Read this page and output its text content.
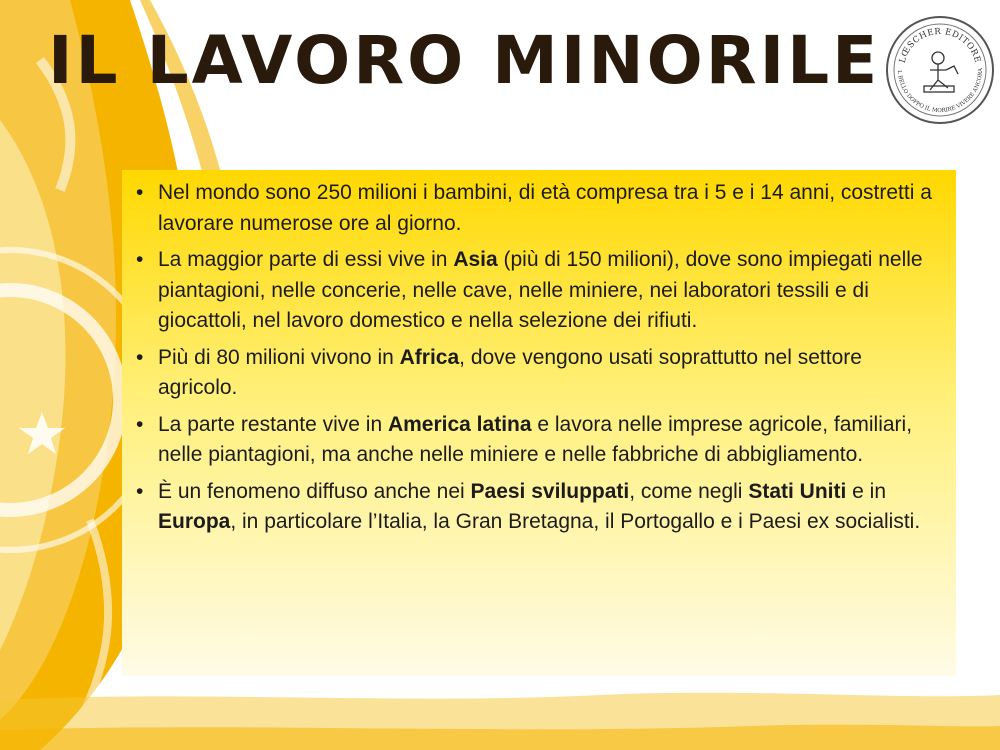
IL LAVORO MINORILE LŒSCHER EDITORE
L BELLO DOPPO IL MORIRE VIVERE ANCORA
• Nel mondo sono 250 milioni i bambini, di età compresa tra i 5 e i 14 anni, costretti a lavorare numerose ore al giorno.
• La maggior parte di essi vive in Asia (più di 150 milioni), dove sono impiegati nelle piantagioni, nelle concerie, nelle cave, nelle miniere, nei laboratori tessili e di giocattoli, nel lavoro domestico e nella selezione dei rifiuti.
• Più di 80 milioni vivono in Africa, dove vengono usati soprattutto nel settore agricolo.
• La parte restante vive in America latina e lavora nelle imprese agricole, familiari, nelle piantagioni, ma anche nelle miniere e nelle fabbriche di abbigliamento.
• È un fenomeno diffuso anche nei Paesi sviluppati, come negli Stati Uniti e in Europa, in particolare l’Italia, la Gran Bretagna, il Portogallo e i Paesi ex socialisti.
